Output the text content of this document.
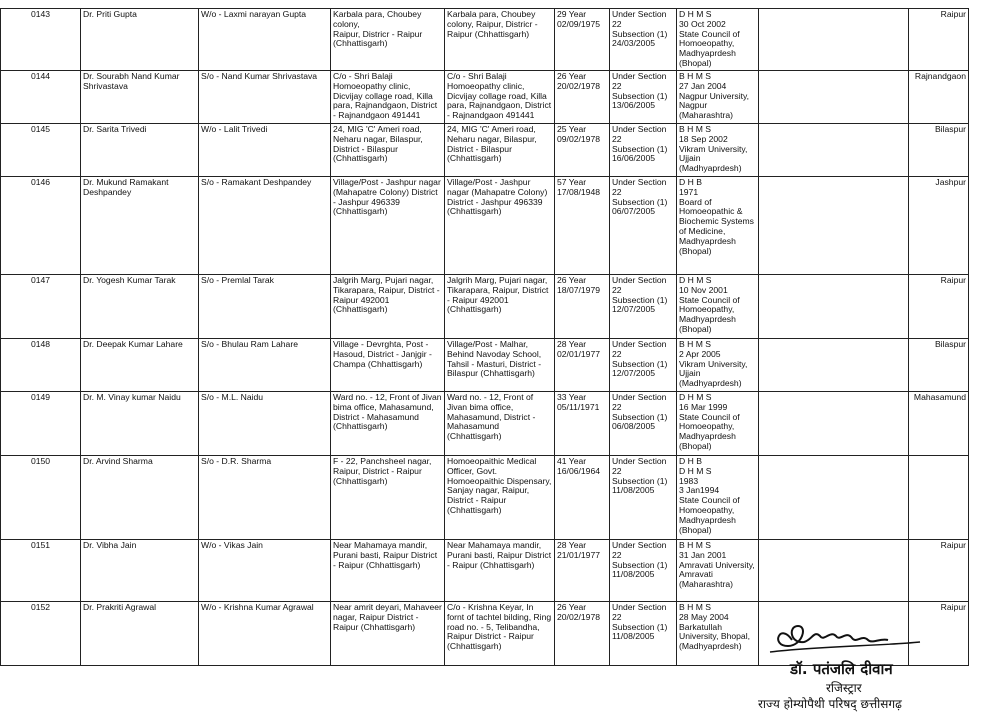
0143	Dr. Priti Gupta	W/o - Laxmi narayan Gupta	Karbala para, Choubey colony,
Raipur, Districr - Raipur (Chhattisgarh)	Karbala para, Choubey colony, Raipur, Districr - Raipur (Chhattisgarh)	29 Year
02/09/1975	Under Section 22
Subsection (1)
24/03/2005	D H M S
30 Oct 2002
State Council of Homoeopathy, Madhyaprdesh (Bhopal)		Raipur
0144	Dr. Sourabh Nand Kumar Shrivastava	S/o - Nand Kumar Shrivastava	C/o - Shri Balaji Homoeopathy clinic, Dicvijay collage road, Killa para, Rajnandgaon, District - Rajnandgaon 491441	C/o - Shri Balaji Homoeopathy clinic, Dicvijay collage road, Killa para, Rajnandgaon, District - Rajnandgaon 491441	26 Year
20/02/1978	Under Section 22
Subsection (1)
13/06/2005	B H M S
27 Jan 2004
Nagpur University, Nagpur (Maharashtra)		Rajnandgaon
0145	Dr. Sarita Trivedi	W/o - Lalit Trivedi	24, MIG 'C' Ameri road, Neharu nagar, Bilaspur, District - Bilaspur (Chhattisgarh)	24, MIG 'C' Ameri road, Neharu nagar, Bilaspur, District - Bilaspur (Chhattisgarh)	25 Year
09/02/1978	Under Section 22
Subsection (1)
16/06/2005	B H M S
18 Sep 2002
Vikram University, Ujjain (Madhyaprdesh)		Bilaspur
0146	Dr. Mukund Ramakant Deshpandey	S/o - Ramakant Deshpandey	Village/Post - Jashpur nagar (Mahapatre Colony) District - Jashpur 496339 (Chhattisgarh)	Village/Post - Jashpur nagar (Mahapatre Colony) District - Jashpur 496339 (Chhattisgarh)	57 Year
17/08/1948	Under Section 22
Subsection (1)
06/07/2005	D H B
1971
Board of Homoeopathic & Biochemic Systems of Medicine, Madhyaprdesh (Bhopal)		Jashpur
0147	Dr. Yogesh Kumar Tarak	S/o - Premlal Tarak	Jalgrih Marg, Pujari nagar, Tikarapara, Raipur, District - Raipur 492001 (Chhattisgarh)	Jalgrih Marg, Pujari nagar, Tikarapara, Raipur, District - Raipur 492001 (Chhattisgarh)	26 Year
18/07/1979	Under Section 22
Subsection (1)
12/07/2005	D H M S
10 Nov 2001
State Council of Homoeopathy, Madhyaprdesh (Bhopal)		Raipur
0148	Dr. Deepak Kumar Lahare	S/o - Bhulau Ram Lahare	Village - Devrghta, Post - Hasoud, District - Janjgir - Champa (Chhattisgarh)	Village/Post - Malhar, Behind Navoday School, Tahsil - Masturi, District - Bilaspur (Chhattisgarh)	28 Year
02/01/1977	Under Section 22
Subsection (1)
12/07/2005	B H M S
2 Apr 2005
Vikram University, Ujjain (Madhyaprdesh)		Bilaspur
0149	Dr. M. Vinay kumar Naidu	S/o - M.L. Naidu	Ward no. - 12, Front of Jivan bima office, Mahasamund, District - Mahasamund (Chhattisgarh)	Ward no. - 12, Front of Jivan bima office, Mahasamund, District - Mahasamund (Chhattisgarh)	33 Year
05/11/1971	Under Section 22
Subsection (1)
06/08/2005	D H M S
16 Mar 1999
State Council of Homoeopathy, Madhyaprdesh (Bhopal)		Mahasamund
0150	Dr. Arvind Sharma	S/o - D.R. Sharma	F - 22, Panchsheel nagar, Raipur, District - Raipur (Chhattisgarh)	Homoeopaithic Medical Officer, Govt. Homoeopaithic Dispensary, Sanjay nagar, Raipur, District - Raipur (Chhattisgarh)	41 Year
16/06/1964	Under Section 22
Subsection (1)
11/08/2005	D H B
D H M S
1983
3 Jan1994
State Council of Homoeopathy, Madhyaprdesh (Bhopal)		
0151	Dr. Vibha Jain	W/o - Vikas Jain	Near Mahamaya mandir, Purani basti, Raipur District - Raipur (Chhattisgarh)	Near Mahamaya mandir, Purani basti, Raipur District - Raipur (Chhattisgarh)	28 Year
21/01/1977	Under Section 22
Subsection (1)
11/08/2005	B H M S
31 Jan 2001
Amravati University, Amravati (Maharashtra)		Raipur
0152	Dr. Prakriti Agrawal	W/o - Krishna Kumar Agrawal	Near amrit deyari, Mahaveer nagar, Raipur District - Raipur (Chhattisgarh)	C/o - Krishna Keyar, In fornt of tachtel bilding, Ring road no. - 5, Telibandha, Raipur District - Raipur (Chhattisgarh)	26 Year
20/02/1978	Under Section 22
Subsection (1)
11/08/2005	B H M S
28 May 2004
Barkatullah University, Bhopal, (Madhyaprdesh)		Raipur
डॉ. पतंजलि दीवान
रजिस्ट्रार
राज्य होम्योपैथी परिषद् छत्तीसगढ़
